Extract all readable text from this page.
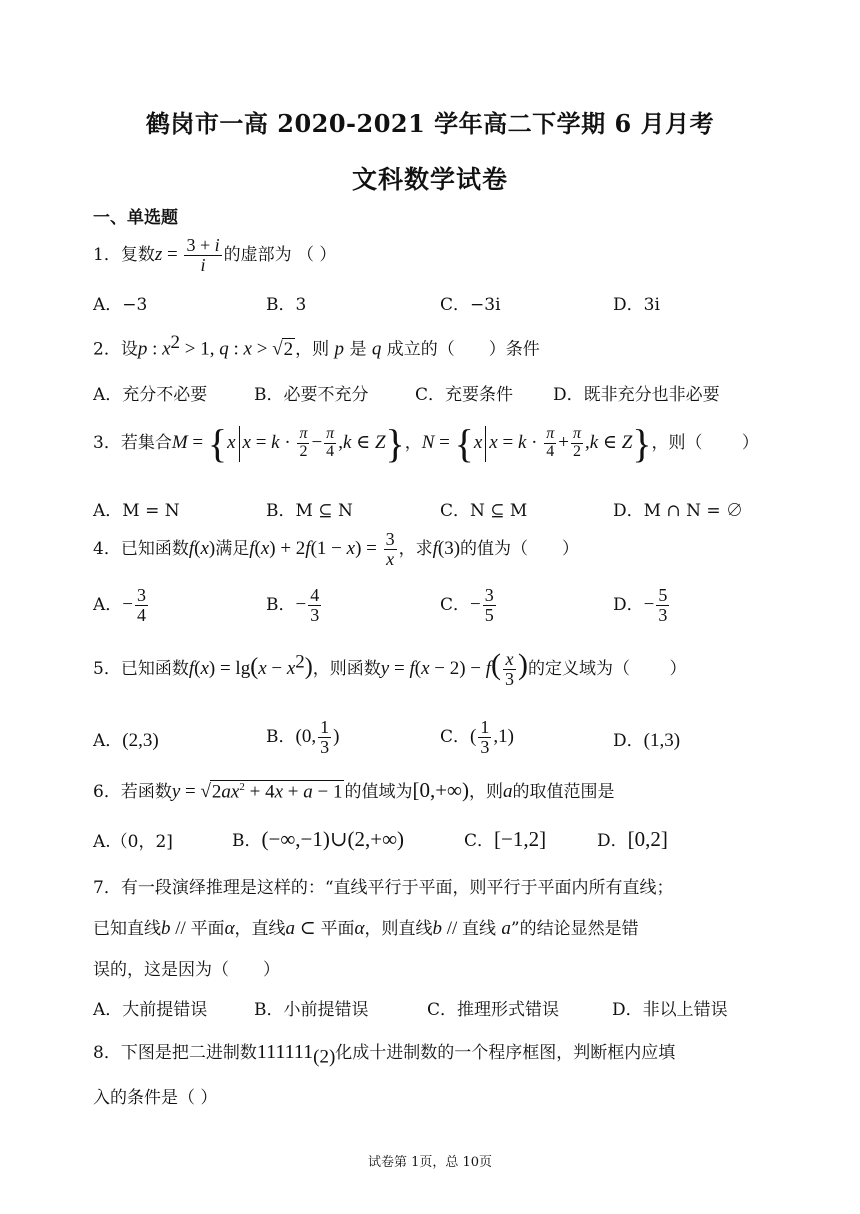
鹤岗市一高 2020-2021 学年高二下学期 6 月月考
文科数学试卷
一、单选题
1．复数$z = \frac{3 + i}{i}$ 的虚部为 （ ）
A．−3	B．3	C．−3i	D．3i
2．设p : $x^2 > 1$, q : x > √2 ，则 p 是 q 成立的（　　）条件
A．充分不必要	B．必要不充分	C．充要条件 D．既非充分也非必要
3．若集合M = {x $x = k \cdot \frac{\pi}{2} - \frac{\pi}{4} ,k$ ∈ Z}，N = {x $x = k \cdot \frac{\pi}{4} + \frac{\pi}{2} ,k$ ∈ Z}，则（　　 ）
A．M = N	B．M ⊆ N	C．N ⊆ M	D．M ∩ N = ∅
4．已知函数f(x)满足$f(x) + 2f(1 - x) = \frac{3}{x}$ ，求f(3)的值为（　　）
A．− $\frac{3}{4}$	B．− $\frac{4}{3}$	C．− $\frac{3}{5}$	D．− $\frac{5}{3}$
5．已知函数$f(x) = \lg(x - x^2)$，则函数$y = f(x - 2) - f( \frac{x}{3}$ )的定义域为（　　 ）
A．(2,3)	B．(0, $\frac{1}{3}$ )	C．( $\frac{1}{3} ,1$)	D．(1,3)
6．若函数$y = √2ax^2 + 4x + a - 1$ 的值域为[0,+∞)，则a的取值范围是
A.（0，2]	B．(−∞,−1)∪(2,+∞)	C．[−1,2]	D．[0,2]
7．有一段演绎推理是这样的：“直线平行于平面，则平行于平面内所有直线；
已知直线b // 平面α，直线a ⊂ 平面α，则直线b // 直线 a”的结论显然是错
误的，这是因为（　　）
A．大前提错误	B．小前提错误	C．推理形式错误	D．非以上错误
8．下图是把二进制数$111111_{(2)}$化成十进制数的一个程序框图，判断框内应填
入的条件是（ ）
试卷第 1页，总 10页
